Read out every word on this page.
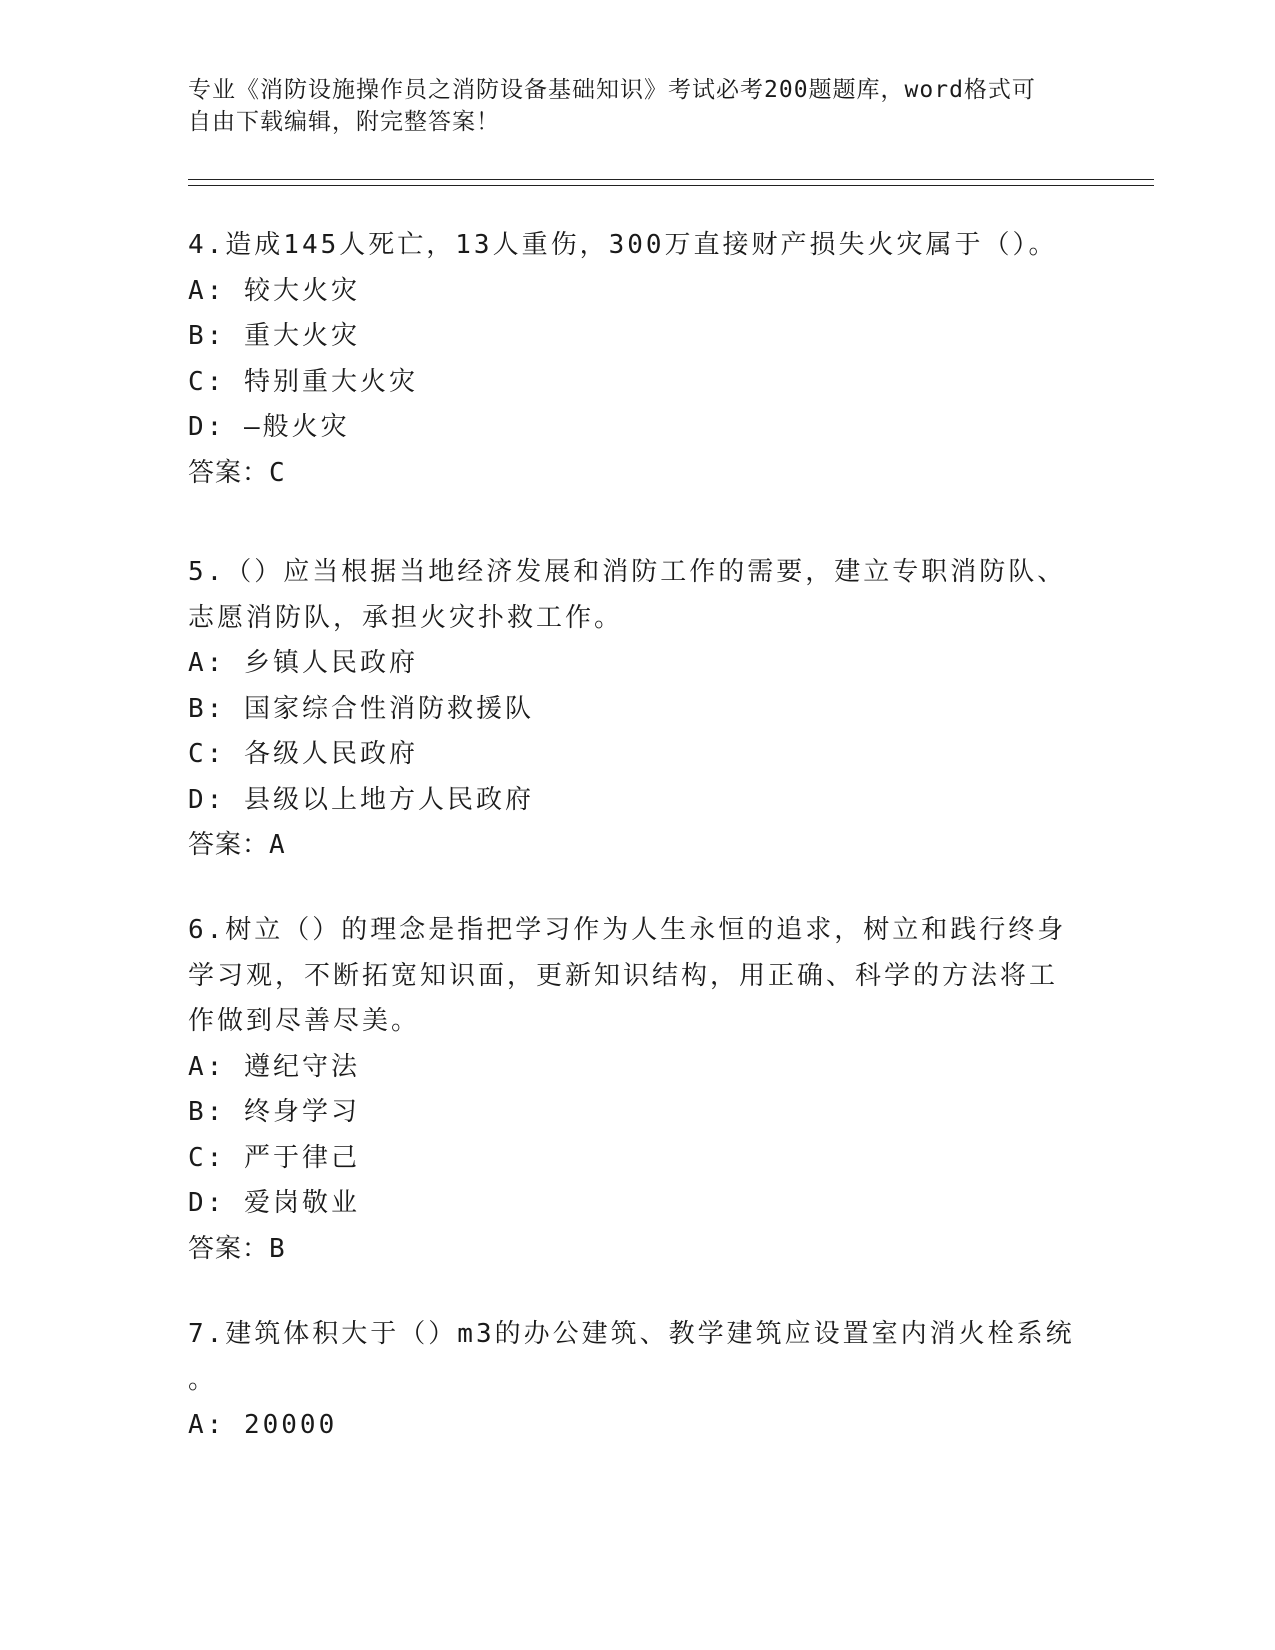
专业《消防设施操作员之消防设备基础知识》考试必考200题题库，word格式可
自由下载编辑，附完整答案！
4.造成145人死亡，13人重伤，300万直接财产损失火灾属于（）。
A: 较大火灾
B: 重大火灾
C: 特别重大火灾
D: —般火灾
答案：C
5.（）应当根据当地经济发展和消防工作的需要，建立专职消防队、
志愿消防队，承担火灾扑救工作。
A: 乡镇人民政府
B: 国家综合性消防救援队
C: 各级人民政府
D: 县级以上地方人民政府
答案：A
6.树立（）的理念是指把学习作为人生永恒的追求，树立和践行终身
学习观，不断拓宽知识面，更新知识结构，用正确、科学的方法将工
作做到尽善尽美。
A: 遵纪守法
B: 终身学习
C: 严于律己
D: 爱岗敬业
答案：B
7.建筑体积大于（）m3的办公建筑、教学建筑应设置室内消火栓系统
。
A: 20000
